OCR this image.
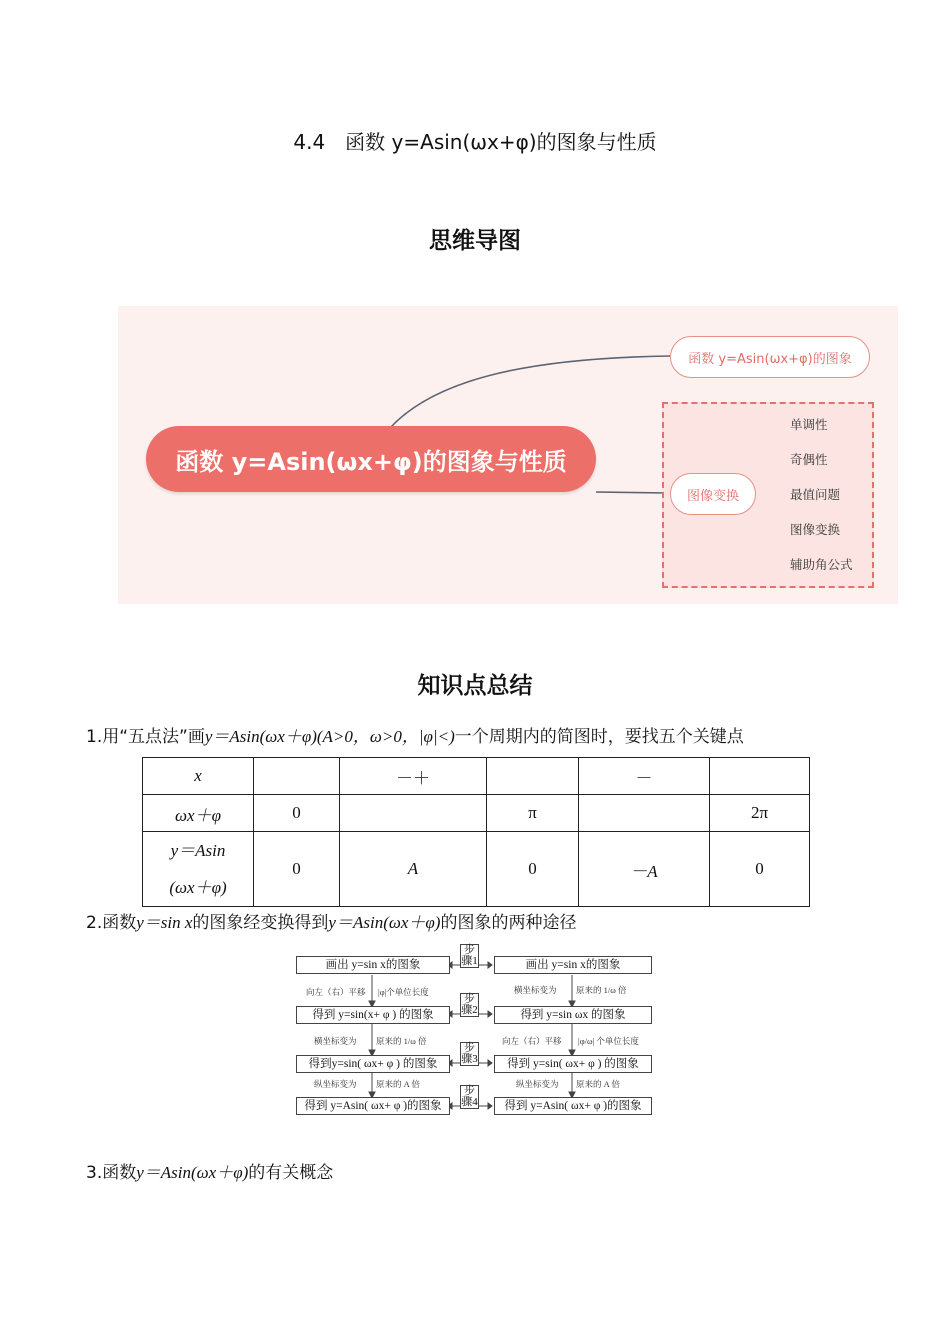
4.4　函数 y=Asin(ωx+φ)的图象与性质
思维导图
函数 y=Asin(ωx+φ)的图象与性质
函数 y=Asin(ωx+φ)的图象
图像变换
单调性
奇偶性
最值问题
图像变换
辅助角公式
知识点总结
1.用“五点法”画y＝Asin(ωx＋φ)(A>0，ω>0，|φ|<)一个周期内的简图时，要找五个关键点
x		－＋		－	
ωx＋φ	0		π		2π

y＝Asin
(ωx＋φ)	0	A	0	－A	0
2.函数y＝sin x的图象经变换得到y＝Asin(ωx＋φ)的图象的两种途径
画出 y=sin x的图象
得到 y=sin(x+ φ ) 的图象
得到y=sin( ωx+ φ ) 的图象
得到 y=Asin( ωx+ φ )的图象
画出 y=sin x的图象
得到 y=sin ωx 的图象
得到 y=sin( ωx+ φ ) 的图象
得到 y=Asin( ωx+ φ )的图象
步骤1
步骤2
步骤3
步骤4
向左（右）平移 |φ|个单位长度
横坐标变为 原来的 1/ω 倍
纵坐标变为 原来的 A 倍
横坐标变为 原来的 1/ω 倍
向左（右）平移 |φ/ω| 个单位长度
纵坐标变为 原来的 A 倍
3.函数y＝Asin(ωx＋φ)的有关概念
